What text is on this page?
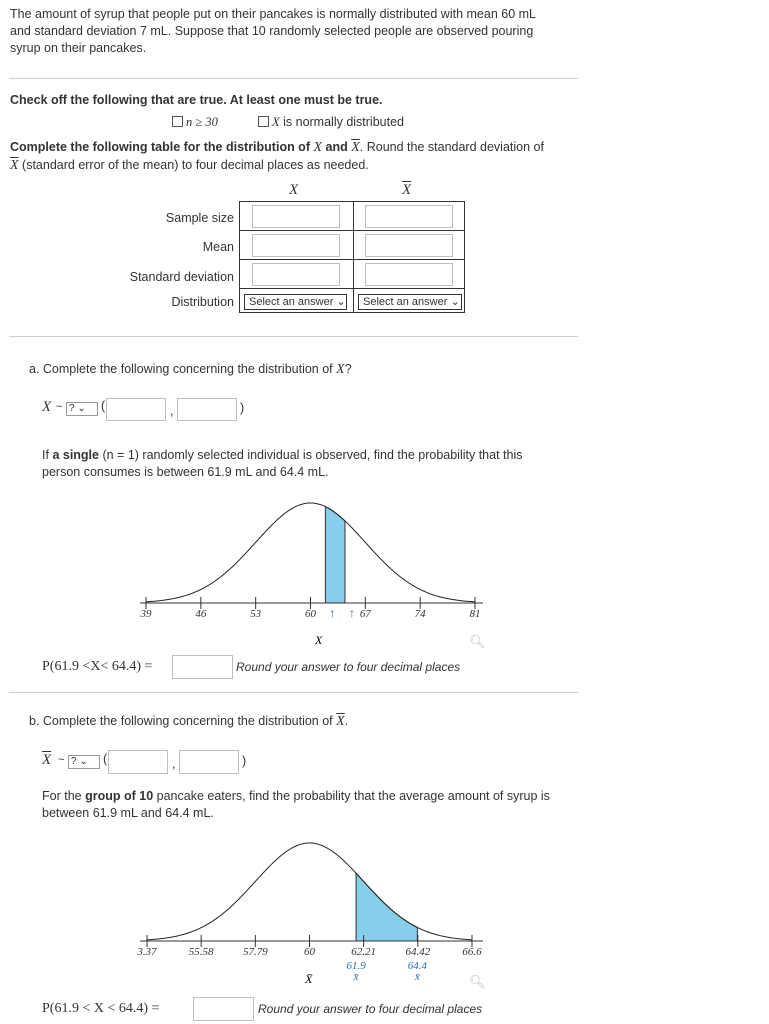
The amount of syrup that people put on their pancakes is normally distributed with mean 60 mL
and standard deviation 7 mL. Suppose that 10 randomly selected people are observed pouring
syrup on their pancakes.
Check off the following that are true. At least one must be true.
n ≥ 30	X is normally distributed
Complete the following table for the distribution of X and $\overline{X}$. Round the standard deviation of
$\overline{X}$ (standard error of the mean) to four decimal places as needed.
X	$\overline{X}$
Sample size
Mean
Standard deviation
Distribution	Select an answer ⌄	Select an answer ⌄
a. Complete the following concerning the distribution of X?
X ~ ? ⌄	(	,	)
If a single (n = 1) randomly selected individual is observed, find the probability that this
person consumes is between 61.9 mL and 64.4 mL.
39	46	53	60	67	74	81
↑ ↑
X	🔍︎
P(61.9 <X< 64.4) =	Round your answer to four decimal places
b. Complete the following concerning the distribution of $\overline{X}$.
$\overline{X}$ ~ ? ⌄	(	,	)
For the group of 10 pancake eaters, find the probability that the average amount of syrup is
between 61.9 mL and 64.4 mL.
3.37	55.58	57.79	60	62.21	64.42	66.6
61.9
x̄
64.4
x̄
X̄	🔍︎
P(61.9 < X < 64.4) =	Round your answer to four decimal places
